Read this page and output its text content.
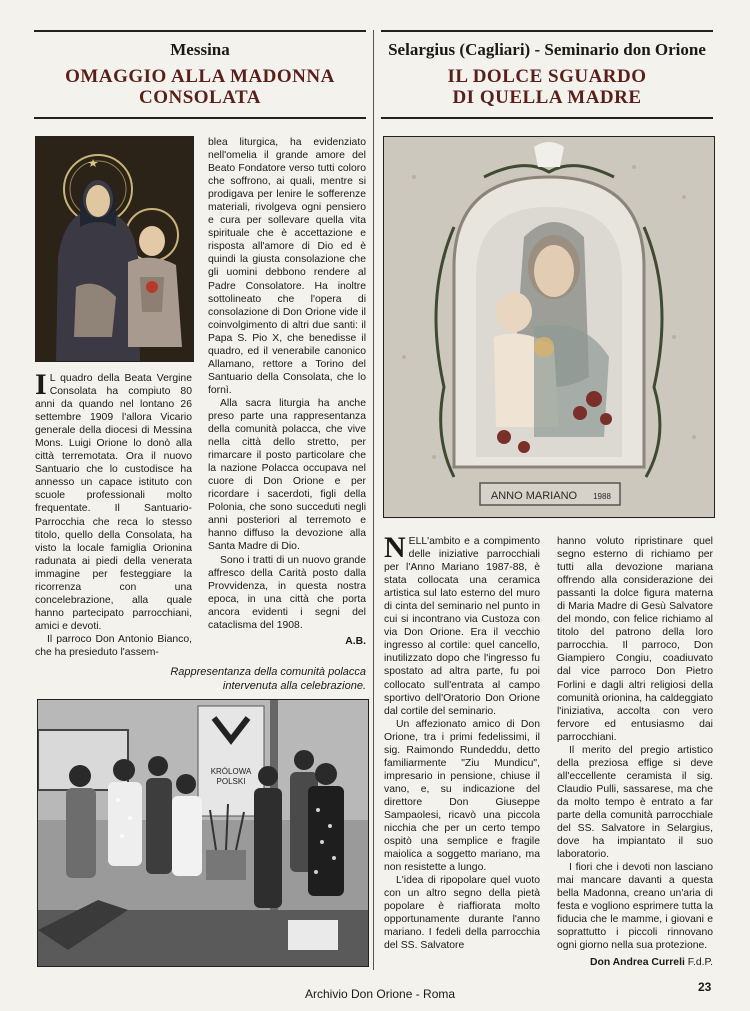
Messina
OMAGGIO ALLA MADONNA
CONSOLATA
Selargius (Cagliari) - Seminario don Orione
IL DOLCE SGUARDO
DI QUELLA MADRE

I L quadro della Beata Vergine Consolata ha compiuto 80 anni da quando nel lontano 26 settembre 1909 l'allora Vicario generale della diocesi di Messina Mons. Luigi Orione lo donò alla città terremotata. Ora il nuovo Santuario che lo custodisce ha annesso un capace istituto con scuole professionali molto frequentate. Il Santuario-Parrocchia che reca lo stesso titolo, quello della Consolata, ha visto la locale famiglia Orionina radunata ai piedi della venerata immagine per festeggiare la ricorrenza con una concelebrazione, alla quale hanno partecipato parrocchiani, amici e devoti.

Il parroco Don Antonio Bianco, che ha presieduto l'assem-

blea liturgica, ha evidenziato nell'omelia il grande amore del Beato Fondatore verso tutti coloro che soffrono, ai quali, mentre si prodigava per lenire le sofferenze materiali, rivolgeva ogni pensiero e cura per sollevare quella vita spirituale che è accettazione e risposta all'amore di Dio ed è quindi la giusta consolazione che gli uomini debbono rendere al Padre Consolatore. Ha inoltre sottolineato che l'opera di consolazione di Don Orione vide il coinvolgimento di altri due santi: il Papa S. Pio X, che benedisse il quadro, ed il venerabile canonico Allamano, rettore a Torino del Santuario della Consolata, che lo fornì.

Alla sacra liturgia ha anche preso parte una rappresentanza della comunità polacca, che vive nella città dello stretto, per rimarcare il posto particolare che la nazione Polacca occupava nel cuore di Don Orione e per ricordare i sacerdoti, figli della Polonia, che sono succeduti negli anni posteriori al terremoto e hanno diffuso la devozione alla Santa Madre di Dio.

Sono i tratti di un nuovo grande affresco della Carità posto dalla Provvidenza, in questa nostra epoca, in una città che porta ancora evidenti i segni del cataclisma del 1908.

A.B.
Rappresentanza della comunità polacca
intervenuta alla celebrazione.
KRÓLOWA
POLSKI
ANNO MARIANO 1988

NELL'ambito e a compimento delle iniziative parrocchiali per l'Anno Mariano 1987-88, è stata collocata una ceramica artistica sul lato esterno del muro di cinta del seminario nel punto in cui si incontrano via Custoza con via Don Orione. Era il vecchio ingresso al cortile: quel cancello, inutilizzato dopo che l'ingresso fu spostato ad altra parte, fu poi collocato sull'entrata al campo sportivo dell'Oratorio Don Orione dal cortile del seminario.

Un affezionato amico di Don Orione, tra i primi fedelissimi, il sig. Raimondo Rundeddu, detto familiarmente "Ziu Mundicu", impresario in pensione, chiuse il vano, e, su indicazione del direttore Don Giuseppe Sampaolesi, ricavò una piccola nicchia che per un certo tempo ospitò una semplice e fragile maiolica a soggetto mariano, ma non resistette a lungo.

L'idea di ripopolare quel vuoto con un altro segno della pietà popolare è riaffiorata molto opportunamente durante l'anno mariano. I fedeli della parrocchia del SS. Salvatore

hanno voluto ripristinare quel segno esterno di richiamo per tutti alla devozione mariana offrendo alla considerazione dei passanti la dolce figura materna di Maria Madre di Gesù Salvatore del mondo, con felice richiamo al titolo del patrono della loro parrocchia. Il parroco, Don Giampiero Congiu, coadiuvato dal vice parroco Don Pietro Forlini e dagli altri religiosi della comunità orionina, ha caldeggiato l'iniziativa, accolta con vero fervore ed entusiasmo dai parrocchiani.

Il merito del pregio artistico della preziosa effige si deve all'eccellente ceramista il sig. Claudio Pulli, sassarese, ma che da molto tempo è entrato a far parte della comunità parrocchiale del SS. Salvatore in Selargius, dove ha impiantato il suo laboratorio.

I fiori che i devoti non lasciano mai mancare davanti a questa bella Madonna, creano un'aria di festa e vogliono esprimere tutta la fiducia che le mamme, i giovani e soprattutto i piccoli rinnovano ogni giorno nella sua protezione.

Don Andrea Curreli F.d.P.
Archivio Don Orione - Roma	23
